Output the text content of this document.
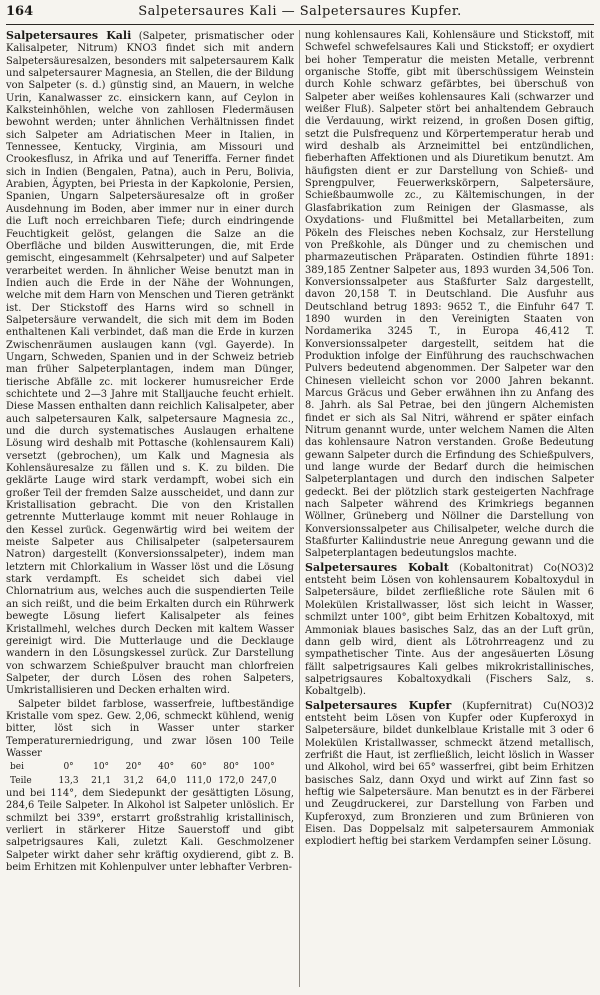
164	Salpetersaures Kali — Salpetersaures Kupfer.

Salpetersaures Kali (Salpeter, prismatischer oder Kalisalpeter, Nitrum) KNO3 findet sich mit andern Salpetersäuresalzen, besonders mit salpetersaurem Kalk und salpetersaurer Magnesia, an Stellen, die der Bildung von Salpeter (s. d.) günstig sind, an Mauern, in welche Urin, Kanalwasser zc. einsickern kann, auf Ceylon in Kalksteinhöhlen, welche von zahllosen Fledermäusen bewohnt werden; unter ähnlichen Verhältnissen findet sich Salpeter am Adriatischen Meer in Italien, in Tennessee, Kentucky, Virginia, am Missouri und Crookesflusz, in Afrika und auf Teneriffa. Ferner findet sich in Indien (Bengalen, Patna), auch in Peru, Bolivia, Arabien, Ägypten, bei Priesta in der Kapkolonie, Persien, Spanien, Ungarn Salpetersäuresalze oft in großer Ausdehnung im Boden, aber immer nur in einer durch die Luft noch erreichbaren Tiefe; durch eindringende Feuchtigkeit gelöst, gelangen die Salze an die Oberfläche und bilden Auswitterungen, die, mit Erde gemischt, eingesammelt (Kehrsalpeter) und auf Salpeter verarbeitet werden. In ähnlicher Weise benutzt man in Indien auch die Erde in der Nähe der Wohnungen, welche mit dem Harn von Menschen und Tieren getränkt ist. Der Stickstoff des Harns wird so schnell in Salpetersäure verwandelt, die sich mit dem im Boden enthaltenen Kali verbindet, daß man die Erde in kurzen Zwischenräumen auslaugen kann (vgl. Gayerde). In Ungarn, Schweden, Spanien und in der Schweiz betrieb man früher Salpeterplantagen, indem man Dünger, tierische Abfälle zc. mit lockerer humusreicher Erde schichtete und 2—3 Jahre mit Stalljauche feucht erhielt. Diese Massen enthalten dann reichlich Kalisalpeter, aber auch salpetersauren Kalk, salpetersaure Magnesia zc., und die durch systematisches Auslaugen erhaltene Lösung wird deshalb mit Pottasche (kohlensaurem Kali) versetzt (gebrochen), um Kalk und Magnesia als Kohlensäuresalze zu fällen und s. K. zu bilden. Die geklärte Lauge wird stark verdampft, wobei sich ein großer Teil der fremden Salze ausscheidet, und dann zur Kristallisation gebracht. Die von den Kristallen getrennte Mutterlauge kommt mit neuer Rohlauge in den Kessel zurück. Gegenwärtig wird bei weitem der meiste Salpeter aus Chilisalpeter (salpetersaurem Natron) dargestellt (Konversionssalpeter), indem man letztern mit Chlorkalium in Wasser löst und die Lösung stark verdampft. Es scheidet sich dabei viel Chlornatrium aus, welches auch die suspendierten Teile an sich reißt, und die beim Erkalten durch ein Rührwerk bewegte Lösung liefert Kalisalpeter als feines Kristallmehl, welches durch Decken mit kaltem Wasser gereinigt wird. Die Mutterlauge und die Decklauge wandern in den Lösungskessel zurück. Zur Darstellung von schwarzem Schießpulver braucht man chlorfreien Salpeter, der durch Lösen des rohen Salpeters, Umkristallisieren und Decken erhalten wird.

Salpeter bildet farblose, wasserfreie, luftbeständige Kristalle vom spez. Gew. 2,06, schmeckt kühlend, wenig bitter, löst sich in Wasser unter starker Temperaturerniedrigung, und zwar lösen 100 Teile Wasser

bei	0°	10°	20°	40°	60°	80°	100°
Teile	13,3	21,1	31,2	64,0	111,0 172,0 247,0

und bei 114°, dem Siedepunkt der gesättigten Lösung, 284,6 Teile Salpeter. In Alkohol ist Salpeter unlöslich. Er schmilzt bei 339°, erstarrt großstrahlig kristallinisch, verliert in stärkerer Hitze Sauerstoff und gibt salpetrigsaures Kali, zuletzt Kali. Geschmolzener Salpeter wirkt daher sehr kräftig oxydierend, gibt z. B. beim Erhitzen mit Kohlenpulver unter lebhafter Verbren-

nung kohlensaures Kali, Kohlensäure und Stickstoff, mit Schwefel schwefelsaures Kali und Stickstoff; er oxydiert bei hoher Temperatur die meisten Metalle, verbrennt organische Stoffe, gibt mit überschüssigem Weinstein durch Kohle schwarz gefärbtes, bei überschuß von Salpeter aber weißes kohlensaures Kali (schwarzer und weißer Fluß). Salpeter stört bei anhaltendem Gebrauch die Verdauung, wirkt reizend, in großen Dosen giftig, setzt die Pulsfrequenz und Körpertemperatur herab und wird deshalb als Arzneimittel bei entzündlichen, fieberhaften Affektionen und als Diuretikum benutzt. Am häufigsten dient er zur Darstellung von Schieß- und Sprengpulver, Feuerwerkskörpern, Salpetersäure, Schießbaumwolle zc., zu Kältemischungen, in der Glasfabrikation zum Reinigen der Glasmasse, als Oxydations- und Flußmittel bei Metallarbeiten, zum Pökeln des Fleisches neben Kochsalz, zur Herstellung von Preßkohle, als Dünger und zu chemischen und pharmazeutischen Präparaten. Ostindien führte 1891: 389,185 Zentner Salpeter aus, 1893 wurden 34,506 Ton. Konversionssalpeter aus Staßfurter Salz dargestellt, davon 20,158 T. in Deutschland. Die Ausfuhr aus Deutschland betrug 1893: 9652 T., die Einfuhr 647 T. 1890 wurden in den Vereinigten Staaten von Nordamerika 3245 T., in Europa 46,412 T. Konversionssalpeter dargestellt, seitdem hat die Produktion infolge der Einführung des rauchschwachen Pulvers bedeutend abgenommen. Der Salpeter war den Chinesen vielleicht schon vor 2000 Jahren bekannt. Marcus Gräcus und Geber erwähnen ihn zu Anfang des 8. Jahrh. als Sal Petrae, bei den jüngern Alchemisten findet er sich als Sal Nitri, während er später einfach Nitrum genannt wurde, unter welchem Namen die Alten das kohlensaure Natron verstanden. Große Bedeutung gewann Salpeter durch die Erfindung des Schießpulvers, und lange wurde der Bedarf durch die heimischen Salpeterplantagen und durch den indischen Salpeter gedeckt. Bei der plötzlich stark gesteigerten Nachfrage nach Salpeter während des Krimkriegs begannen Wöllner, Grüneberg und Nöllner die Darstellung von Konversionssalpeter aus Chilisalpeter, welche durch die Staßfurter Kaliindustrie neue Anregung gewann und die Salpeterplantagen bedeutungslos machte.

Salpetersaures Kobalt (Kobaltonitrat) Co(NO3)2 entsteht beim Lösen von kohlensaurem Kobaltoxydul in Salpetersäure, bildet zerfließliche rote Säulen mit 6 Molekülen Kristallwasser, löst sich leicht in Wasser, schmilzt unter 100°, gibt beim Erhitzen Kobaltoxyd, mit Ammoniak blaues basisches Salz, das an der Luft grün, dann gelb wird, dient als Lötrohrreagenz und zu sympathetischer Tinte. Aus der angesäuerten Lösung fällt salpetrigsaures Kali gelbes mikrokristallinisches, salpetrigsaures Kobaltoxydkali (Fischers Salz, s. Kobaltgelb).

Salpetersaures Kupfer (Kupfernitrat) Cu(NO3)2 entsteht beim Lösen von Kupfer oder Kupferoxyd in Salpetersäure, bildet dunkelblaue Kristalle mit 3 oder 6 Molekülen Kristallwasser, schmeckt ätzend metallisch, zerfrißt die Haut, ist zerfließlich, leicht löslich in Wasser und Alkohol, wird bei 65° wasserfrei, gibt beim Erhitzen basisches Salz, dann Oxyd und wirkt auf Zinn fast so heftig wie Salpetersäure. Man benutzt es in der Färberei und Zeugdruckerei, zur Darstellung von Farben und Kupferoxyd, zum Bronzieren und zum Brünieren von Eisen. Das Doppelsalz mit salpetersaurem Ammoniak explodiert heftig bei starkem Verdampfen seiner Lösung.
